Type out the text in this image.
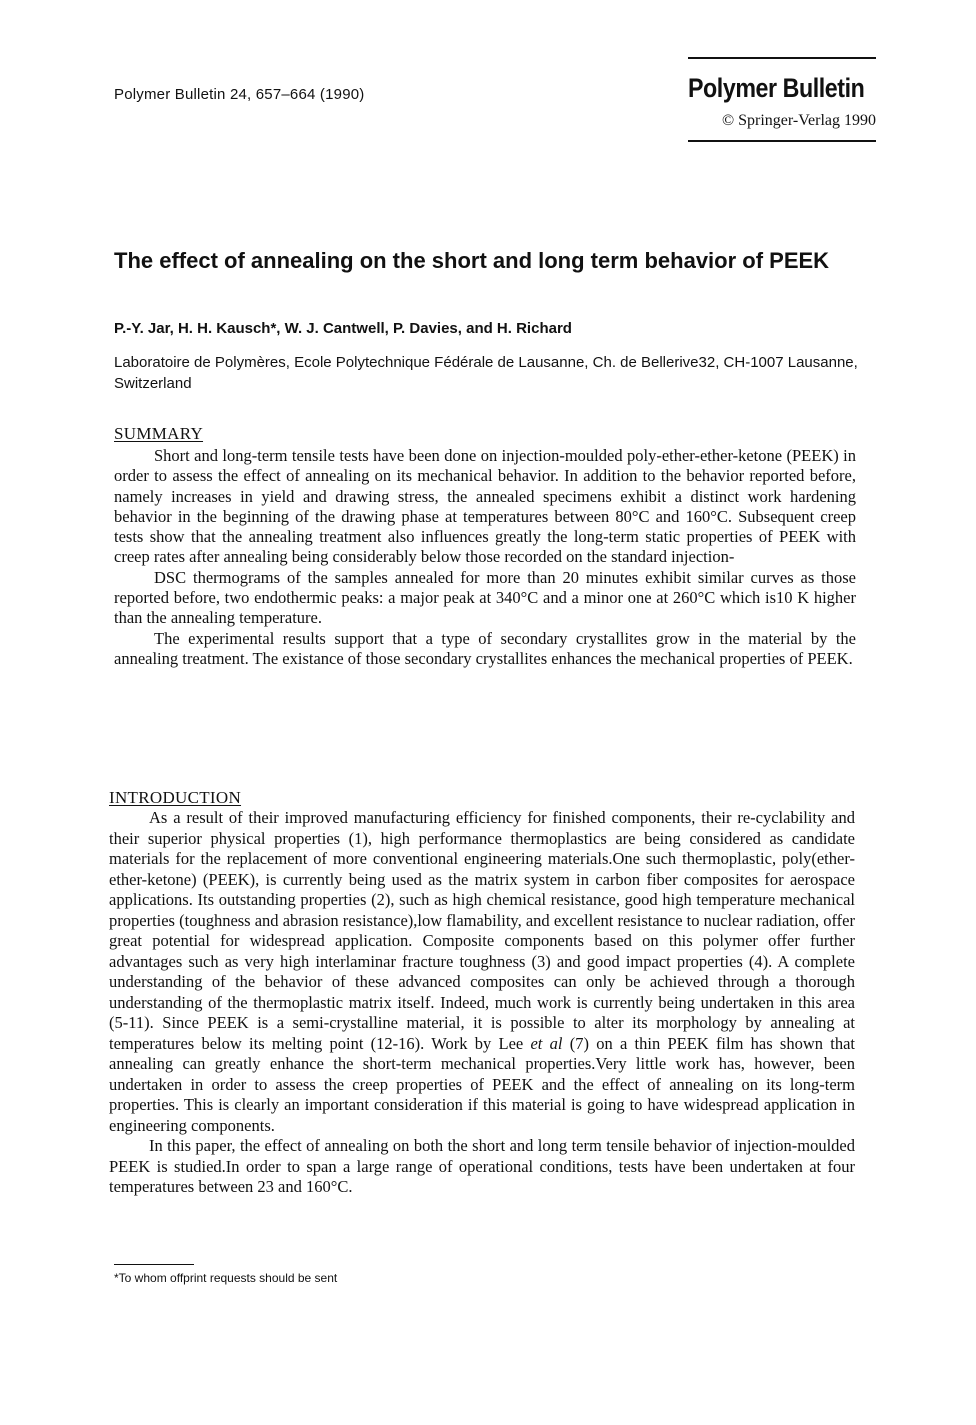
Polymer Bulletin 24, 657–664 (1990)	Polymer Bulletin
© Springer-Verlag 1990
The effect of annealing on the short and long term behavior of PEEK
P.-Y. Jar, H. H. Kausch*, W. J. Cantwell, P. Davies, and H. Richard
Laboratoire de Polymères, Ecole Polytechnique Fédérale de Lausanne, Ch. de Bellerive32, CH-1007 Lausanne, Switzerland
SUMMARY

Short and long-term tensile tests have been done on injection-moulded poly-ether-ether-ketone (PEEK) in order to assess the effect of annealing on its mechanical behavior. In addition to the behavior reported before, namely increases in yield and drawing stress, the annealed specimens exhibit a distinct work hardening behavior in the beginning of the drawing phase at temperatures between 80°C and 160°C. Subsequent creep tests show that the annealing treatment also influences greatly the long-term static properties of PEEK with creep rates after annealing being considerably below those recorded on the standard injection-

DSC thermograms of the samples annealed for more than 20 minutes exhibit similar curves as those reported before, two endothermic peaks: a major peak at 340°C and a minor one at 260°C which is10 K higher than the annealing temperature.

The experimental results support that a type of secondary crystallites grow in the material by the annealing treatment. The existance of those secondary crystallites enhances the mechanical properties of PEEK.

INTRODUCTION

As a result of their improved manufacturing efficiency for finished components, their re-cyclability and their superior physical properties (1), high performance thermoplastics are being considered as candidate materials for the replacement of more conventional engineering materials.One such thermoplastic, poly(ether-ether-ketone) (PEEK), is currently being used as the matrix system in carbon fiber composites for aerospace applications. Its outstanding properties (2), such as high chemical resistance, good high temperature mechanical properties (toughness and abrasion resistance),low flamability, and excellent resistance to nuclear radiation, offer great potential for widespread application. Composite components based on this polymer offer further advantages such as very high interlaminar fracture toughness (3) and good impact properties (4). A complete understanding of the behavior of these advanced composites can only be achieved through a thorough understanding of the thermoplastic matrix itself. Indeed, much work is currently being undertaken in this area (5-11). Since PEEK is a semi-crystalline material, it is possible to alter its morphology by annealing at temperatures below its melting point (12-16). Work by Lee et al (7) on a thin PEEK film has shown that annealing can greatly enhance the short-term mechanical properties.Very little work has, however, been undertaken in order to assess the creep properties of PEEK and the effect of annealing on its long-term properties. This is clearly an important consideration if this material is going to have widespread application in engineering components.

In this paper, the effect of annealing on both the short and long term tensile behavior of injection-moulded PEEK is studied.In order to span a large range of operational conditions, tests have been undertaken at four temperatures between 23 and 160°C.

*To whom offprint requests should be sent
